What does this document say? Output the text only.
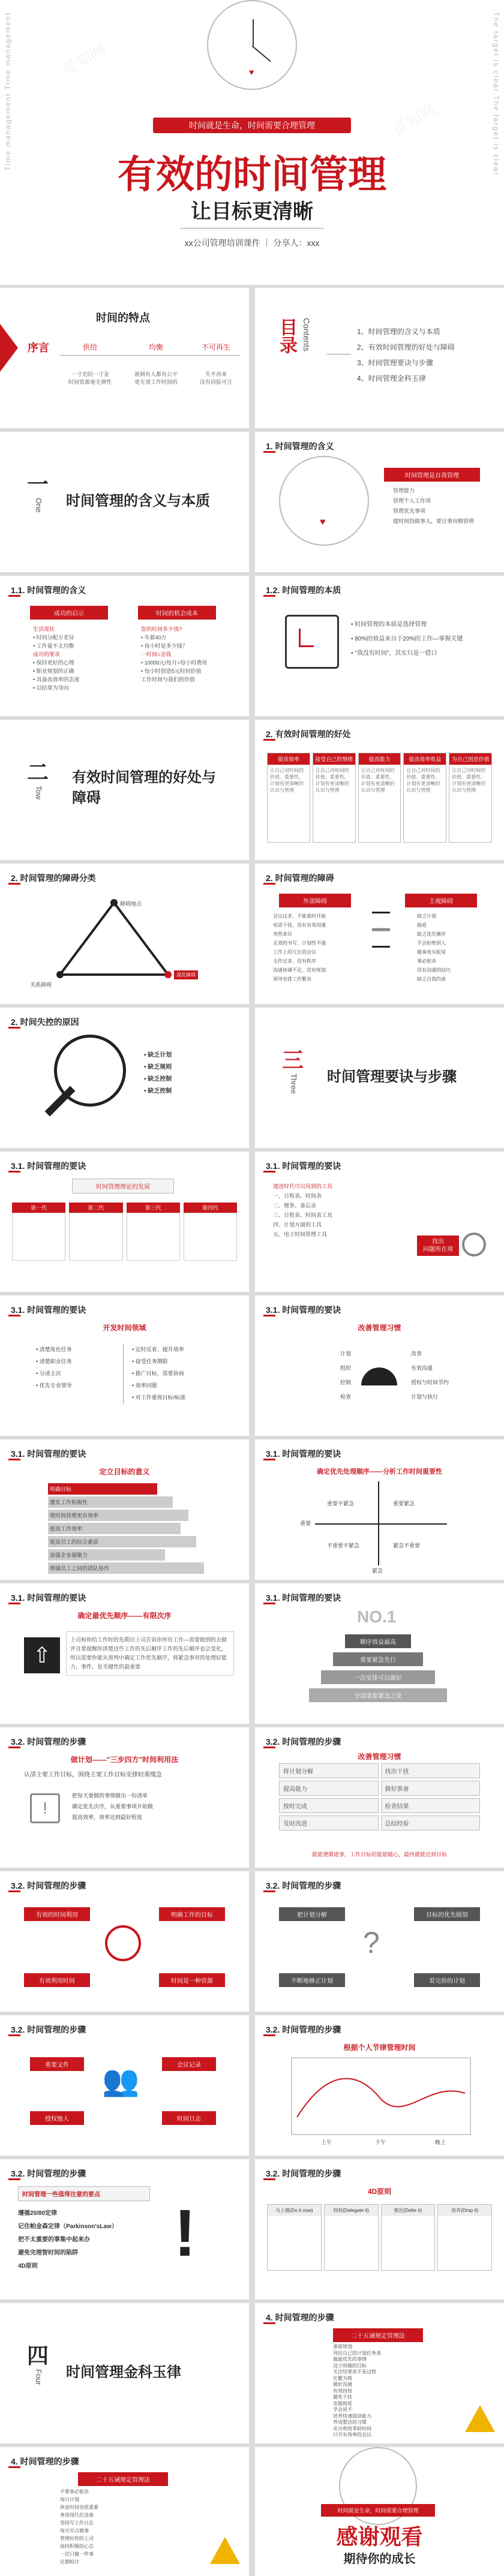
Time management Time management	The target is clear The target is clear
♥
时间就是生命，时间需要合理管理
有效的时间管理
让目标更清晰
xx公司管理培训课件 ｜ 分享人：xxx
觅知网
觅知网
序言
时间的特点
供给
一寸光阴一寸金
时间资源毫无弹性
均衡
谁拥有人都有公平
更无须工作时间的
不可再生
失不再来
没有回报可言
目录 Contents	1、时间管理的含义与本质
2、有效时间管理的好处与障碍
3、时间管理要诀与步骤
4、时间管理金科玉律
一
One 时间管理的含义与本质
1. 时间管理的含义
♥
时间管理是自我管理
管理能力
管理个人工作项
管理优先事项
建时间段做事人，要让事向精管理
1.1. 时间管理的含义
成功的启示	时间的机会成本
生活现状
• 时间分配方差异
• 工作量不太均衡
成功的要求
• 保持更好的心理
• 职业规划的正确
• 具备高效率的态度
• 以结果为导向
您的时间多少钱?
• 年薪40万
• 每小时是多少钱？
一时间=金钱
• 10000元/每月=每小时费用
• 每小时创造5元时间价值
工作时间与我们的价值
1.2. 时间管理的本质
• 时间管理的本质是选择管理
• 80%的效益来自于20%的工作—掌握关键
• "我没有时间"，其实只是一借口
二
Tow
有效时间管理的好处与障碍
2. 有效时间管理的好处
提高效率
让自己对时间的价值、重要性、计划有更清晰的认识与管理
接受自己的情绪
让自己对时间的价值、重要性、计划有更清晰的认识与管理
提高能力
让自己对时间的价值、重要性、计划有更清晰的认识与管理
提高效率收益
让自己对时间的价值、重要性、计划有更清晰的认识与管理
为自己创造价值
让自己对时间的价值、重要性、计划有更清晰的认识与管理
2. 时间管理的障碍分类
障碍地点
关系障碍
混乱障碍
2. 时间管理的障碍
外部障碍	主观障碍
会议过多，不能准时开始
电话干扰，没有有效沟通
突然来访
无效的书写、计划性不强
工作上的冗长的会议
文件过多、没有秩序
沟通协调不足，没有规划
领导安排工作繁杂
缺乏计划
拖延
缺乏优先顺序
不会拒绝别人
做事虎头蛇尾
事必躬亲
没有沟通的技巧
缺乏自我约束
2. 时间失控的原因
• 缺乏计划
• 缺乏规则
• 缺乏控制
• 缺乏控制
三
Three 时间管理要诀与步骤
3.1. 时间管理的要诀
时间管理理论的发展
第一代	第二代	第三代	第四代
3.1. 时间管理的要诀
遗迹时代可以用到的工具
一、日程表、时间表
二、便条、备忘录
三、日程表、时间表工具
四、计划方面的工具
五、电子时间管理工具
找出
问题所在项
3.1. 时间管理的要诀
开发时间领域
• 清楚角色任务
• 清楚职业任务
• 分清主次
• 优先专业领导
• 定时反省、提升效率
• 接受任务期限
• 推广目标，需要协商
• 效率问题
• 对工作重视目标/标准
3.1. 时间管理的要诀
改善管理习惯
计划
组织
控制
检查
改善
有效沟通
授权与时间节约
计划与执行
3.1. 时间管理的要诀
定立目标的意义
明确目标
激发工作积极性
使时间管理更有效率
提高工作效率
提高员工的综合素质
加强企业凝聚力
增强员工之间的团队协作
3.1. 时间管理的要诀
确定优先处理顺序——分析工作时间重要性
重要
紧急
重要不紧急	重要紧急
不重要不紧急	紧急不重要
3.1. 时间管理的要诀
确定最优先顺序——有限次序
⇧
上司和你给工作时的先期目上司告诉你所有工作—需要做到的去做并且要提醒你清楚这些工作的先后顺序工作的先后顺序也会变化，所以需要你能从预判中确定工作优先顺序，将紧急事对的处理好能力，事件，是关键性的最重要
3.1. 时间管理的要诀
NO.1
顺序效益最高
重要紧急先行
一次安排可以做好
分清重要紧急之处
3.2. 时间管理的步骤
做计划——"三步四方"时间利用法
认清主要工作目标，围绕主要工作目标安排轻重缓急
!
把每天要做的事情做出一份清单
确定优先次序，从重要事项开始做
提高效率，效率达到最好程度
3.2. 时间管理的步骤
改善管理习惯
将计划分解	找出干扰
提高能力	做好准备
按时完成	检查结果
及时改进	总结经验
能能遵循建事，工作目标的能能随心，最终就能达到目标
3.2. 时间管理的步骤
有效的时间利用	明确工作的目标
有效利用时间	时间是一种资源
3.2. 时间管理的步骤
?
把计划分解	目标的优先级别
不断地修正计划	看完你的计划
3.2. 时间管理的步骤
👥
重要文件	会议记录
授权他人	时间日志
3.2. 时间管理的步骤
根据个人节律管理时间
上午	下午	晚上
3.2. 时间管理的步骤
时间管理一些值得注意的要点
遵循20/80定律
记住帕金森定律（Parkinson'sLaw）
把不太重要的事集中起来办
避免完理智时间的陷阱
4D原则	!
3.2. 时间管理的步骤
4D原则
马上做(Do it now)	授权(Delegate it)	推迟(Defer it)	放弃(Drop it)
四
Four 时间管理金科玉律
4. 时间管理的步骤
二十五诫规定管理法
事前规划
列出自己的计划任务表
做最优先的事情
设立明确的目标
关注结果而不是过程
化繁为简
做好沟通
有效授权
避免干扰
克服拖延
学会说不
培养快速阅读能力
养成整洁的习惯
充分利用零碎时间
只开有效率的会议
4. 时间管理的步骤
二十五诫规定管理法
不要事必躬亲
每日计划
休息时间也很重要
善用现代化设备
坚持写工作日志
每天早点做事
管理好你的上司
保持积极的心态
一次只做一件事
定期检讨
时间就是生命，时间需要合理管理
感谢观看
期待你的成长
